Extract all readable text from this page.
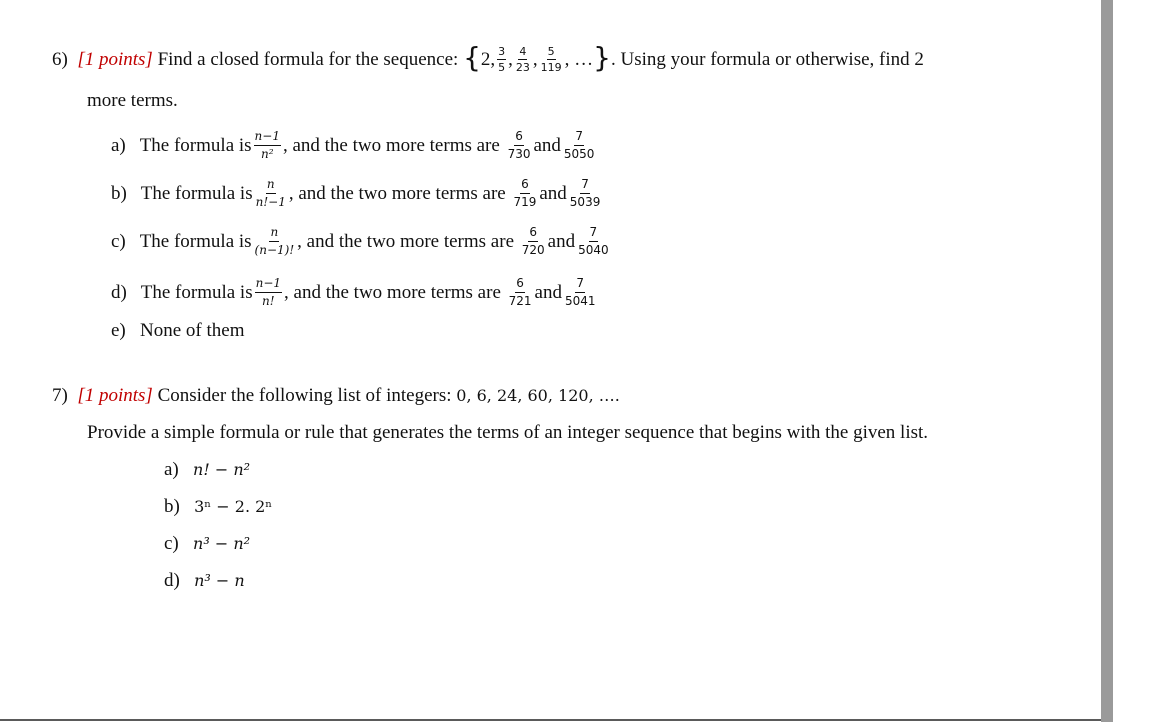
6) [1 points] Find a closed formula for the sequence: {2, $\frac{3}{5}$ , $\frac{4}{23}$ , $\frac{5}{119}$ , …}. Using your formula or otherwise, find 2
more terms.
a) The formula is $\frac{n-1}{\text{n²}}$ , and the two more terms are $\frac{6}{730}$ and $\frac{7}{5050}$
b) The formula is $\frac{n}{n!-1}$ , and the two more terms are $\frac{6}{719}$ and $\frac{7}{5039}$
c) The formula is $\frac{n}{(n-1)!}$ , and the two more terms are $\frac{6}{720}$ and $\frac{7}{5040}$
d) The formula is $\frac{n-1}{n!}$ , and the two more terms are $\frac{6}{721}$ and $\frac{7}{5041}$
e) None of them
7) [1 points] Consider the following list of integers: 0, 6, 24, 60, 120, ….
Provide a simple formula or rule that generates the terms of an integer sequence that begins with the given list.
a) n! − n²
b) 3ⁿ − 2. 2ⁿ
c) n³ − n²
d) n³ − n
